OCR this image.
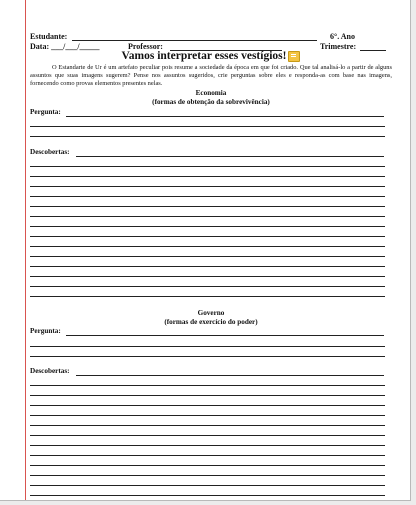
Estudante:	6°. Ano
Data: ___/___/_____	Professor:	Trimestre:
Vamos interpretar esses vestígios!
O Estandarte de Ur é um artefato peculiar pois resume a sociedade da época em que foi criado. Que tal analisá-lo a partir de alguns assuntos que suas imagens sugerem? Pense nos assuntos sugeridos, crie perguntas sobre eles e responda-as com base nas imagens, fornecendo como provas elementos presentes nelas.
Economia
(formas de obtenção da sobrevivência)
Pergunta:
Descobertas:
Governo
(formas de exercício do poder)
Pergunta:
Descobertas:
